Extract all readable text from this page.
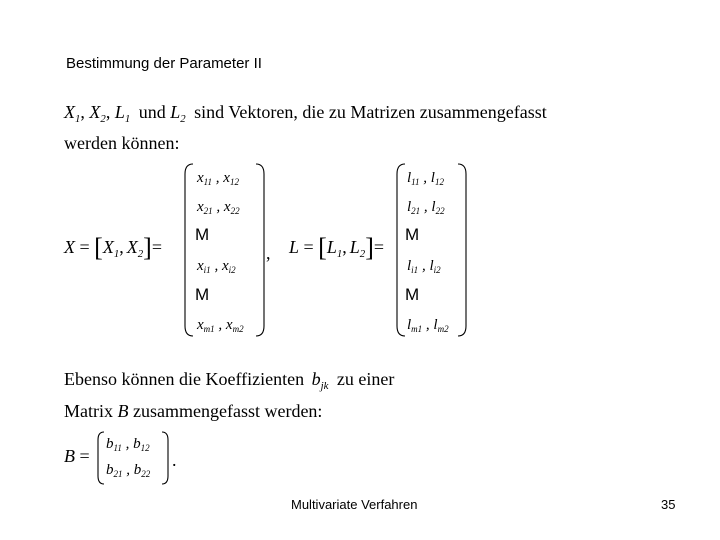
Bestimmung der Parameter II
$X_1$, $X_2$, $L_1$ und $L_2$ sind Vektoren, die zu Matrizen zusammengefasst
werden können:
$X = [X_1$, $X_2]=$
$x_{11}$ , $x_{12}$
$x_{21}$ , $x_{22}$
M
$x_{i1}$ , $x_{i2}$
M
$x_{m1}$ , $x_{m2}$
, $L = [L_1$, $L_2]=$
$l_{11}$ , $l_{12}$
$l_{21}$ , $l_{22}$
M
$l_{i1}$ , $l_{i2}$
M
$l_{m1}$ , $l_{m2}$
Ebenso können die Koeffizienten $b_{jk}$ zu einer
Matrix B zusammengefasst werden:
B =
$b_{11}$ , $b_{12}$
$b_{21}$ , $b_{22}$
.
Multivariate Verfahren	35
